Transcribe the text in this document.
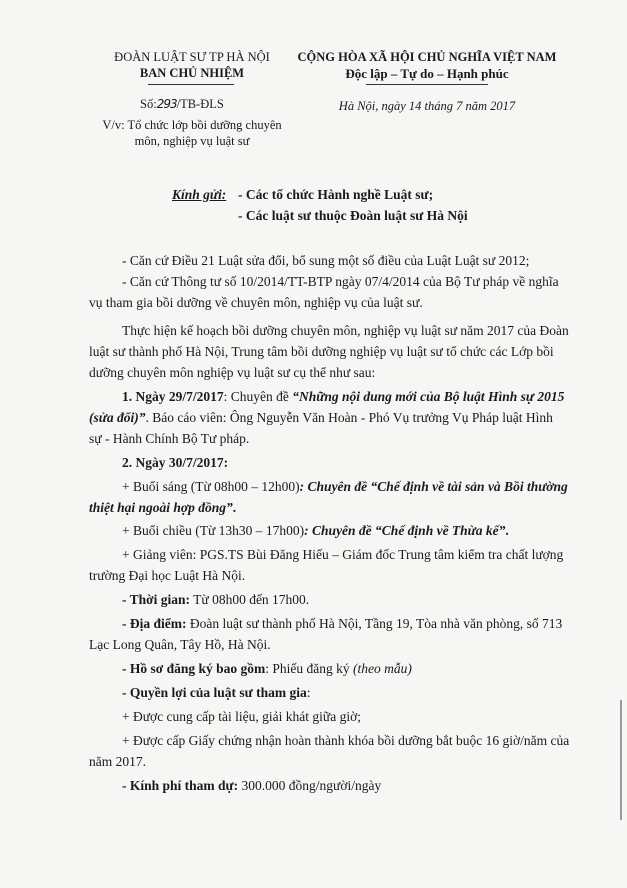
ĐOÀN LUẬT SƯ TP HÀ NỘI
BAN CHỦ NHIỆM
Số:293/TB-ĐLS
V/v: Tổ chức lớp bồi dưỡng chuyên
môn, nghiệp vụ luật sư
CỘNG HÒA XÃ HỘI CHỦ NGHĨA VIỆT NAM
Độc lập – Tự do – Hạnh phúc
Hà Nội, ngày 14 tháng 7 năm 2017
Kính gửi: - Các tổ chức Hành nghề Luật sư;
- Các luật sư thuộc Đoàn luật sư Hà Nội
- Căn cứ Điều 21 Luật sửa đổi, bổ sung một số điều của Luật Luật sư 2012;
- Căn cứ Thông tư số 10/2014/TT-BTP ngày 07/4/2014 của Bộ Tư pháp về nghĩa
vụ tham gia bồi dưỡng về chuyên môn, nghiệp vụ của luật sư.
Thực hiện kế hoạch bồi dưỡng chuyên môn, nghiệp vụ luật sư năm 2017 của Đoàn
luật sư thành phố Hà Nội, Trung tâm bồi dưỡng nghiệp vụ luật sư tổ chức các Lớp bồi
dưỡng chuyên môn nghiệp vụ luật sư cụ thể như sau:
1. Ngày 29/7/2017: Chuyên đề “Những nội dung mới của Bộ luật Hình sự 2015
(sửa đổi)”. Báo cáo viên: Ông Nguyễn Văn Hoàn - Phó Vụ trưởng Vụ Pháp luật Hình
sự - Hành Chính Bộ Tư pháp.
2. Ngày 30/7/2017:
+ Buổi sáng (Từ 08h00 – 12h00): Chuyên đề “Chế định về tài sản và Bồi thường
thiệt hại ngoài hợp đồng”.
+ Buổi chiều (Từ 13h30 – 17h00): Chuyên đề “Chế định về Thừa kế”.
+ Giảng viên: PGS.TS Bùi Đăng Hiếu – Giám đốc Trung tâm kiểm tra chất lượng
trường Đại học Luật Hà Nội.
- Thời gian: Từ 08h00 đến 17h00.
- Địa điểm: Đoàn luật sư thành phố Hà Nội, Tầng 19, Tòa nhà văn phòng, số 713
Lạc Long Quân, Tây Hồ, Hà Nội.
- Hồ sơ đăng ký bao gồm: Phiếu đăng ký (theo mẫu)
- Quyền lợi của luật sư tham gia:
+ Được cung cấp tài liệu, giải khát giữa giờ;
+ Được cấp Giấy chứng nhận hoàn thành khóa bồi dưỡng bắt buộc 16 giờ/năm của
năm 2017.
- Kính phí tham dự: 300.000 đồng/người/ngày
